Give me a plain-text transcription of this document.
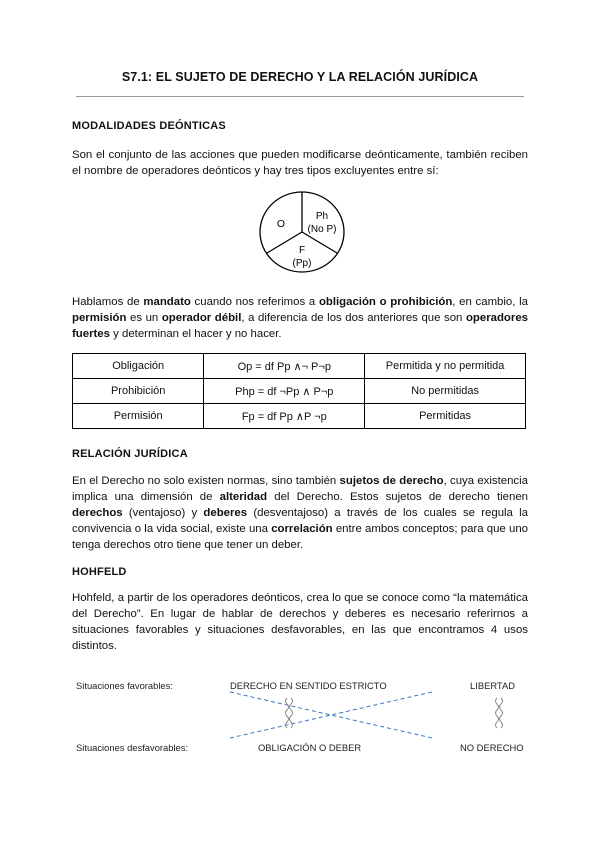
S7.1: EL SUJETO DE DERECHO Y LA RELACIÓN JURÍDICA
MODALIDADES DEÓNTICAS
Son el conjunto de las acciones que pueden modificarse deónticamente, también reciben el nombre de operadores deónticos y hay tres tipos excluyentes entre sí:
O
Ph
(No P)
F
(Pp)
Hablamos de mandato cuando nos referimos a obligación o prohibición, en cambio, la permisión es un operador débil, a diferencia de los dos anteriores que son operadores fuertes y determinan el hacer y no hacer.
Obligación	Op = df Pp ∧¬ P¬p	Permitida y no permitida
Prohibición	Php = df ¬Pp ∧ P¬p	No permitidas
Permisión	Fp = df Pp ∧P ¬p	Permitidas
RELACIÓN JURÍDICA
En el Derecho no solo existen normas, sino también sujetos de derecho, cuya existencia implica una dimensión de alteridad del Derecho. Estos sujetos de derecho tienen derechos (ventajoso) y deberes (desventajoso) a través de los cuales se regula la convivencia o la vida social, existe una correlación entre ambos conceptos; para que uno tenga derechos otro tiene que tener un deber.
HOHFELD
Hohfeld, a partir de los operadores deónticos, crea lo que se conoce como “la matemática del Derecho”. En lugar de hablar de derechos y deberes es necesario referirnos a situaciones favorables y situaciones desfavorables, en las que encontramos 4 usos distintos.
Situaciones favorables:	DERECHO EN SENTIDO ESTRICTO	LIBERTAD
Situaciones desfavorables:	OBLIGACIÓN O DEBER	NO DERECHO
